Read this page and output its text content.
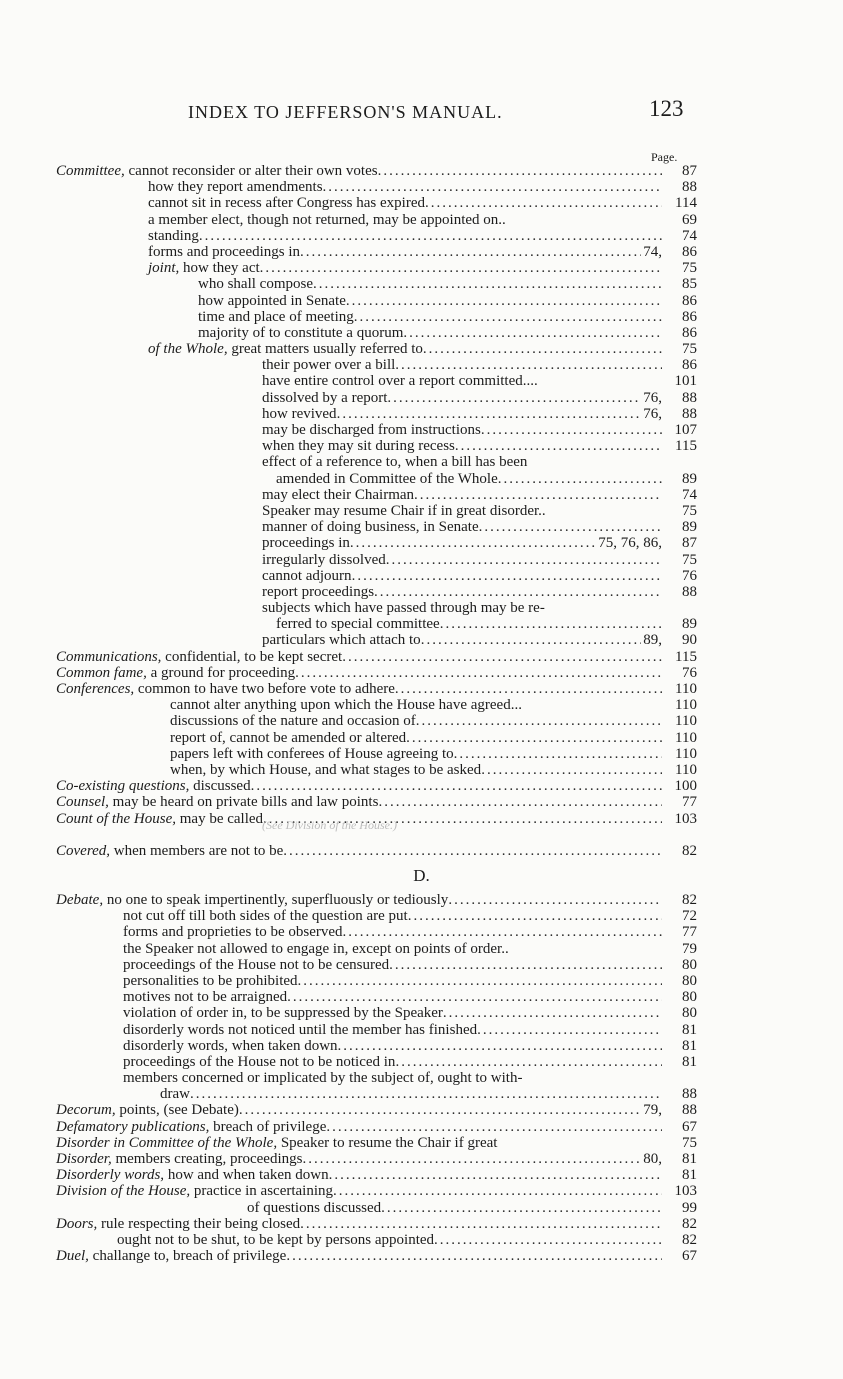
INDEX TO JEFFERSON'S MANUAL.	123
Page.
Committee, cannot reconsider or alter their own votes .....	87
how they report amendments .....	88
cannot sit in recess after Congress has expired .....	114
a member elect, though not returned, may be appointed on..	69
standing .....	74
forms and proceedings in .....	74, 86
joint, how they act .....	75
who shall compose .....	85
how appointed in Senate .....	86
time and place of meeting .....	86
majority of to constitute a quorum .....	86
of the Whole, great matters usually referred to .....	75
their power over a bill .....	86
have entire control over a report committed....	101
dissolved by a report .....	76, 88
how revived .....	76, 88
may be discharged from instructions .....	107
when they may sit during recess .....	115
effect of a reference to, when a bill has been
amended in Committee of the Whole .....	89
may elect their Chairman .....	74
Speaker may resume Chair if in great disorder..	75
manner of doing business, in Senate .....	89
proceedings in .....	75, 76, 86, 87
irregularly dissolved .....	75
cannot adjourn .....	76
report proceedings .....	88
subjects which have passed through may be re-
ferred to special committee .....	89
particulars which attach to .....	89, 90
Communications, confidential, to be kept secret .....	115
Common fame, a ground for proceeding .....	76
Conferences, common to have two before vote to adhere .....	110
cannot alter anything upon which the House have agreed...	110
discussions of the nature and occasion of .....	110
report of, cannot be amended or altered .....	110
papers left with conferees of House agreeing to .....	110
when, by which House, and what stages to be asked .....	110
Co-existing questions, discussed .....	100
Counsel, may be heard on private bills and law points .....	77
Count of the House, may be called .....	103
Covered, when members are not to be .....	82
D.
(See Division of the House.)
Debate, no one to speak impertinently, superfluously or tediously .....	82
not cut off till both sides of the question are put .....	72
forms and proprieties to be observed .....	77
the Speaker not allowed to engage in, except on points of order..	79
proceedings of the House not to be censured .....	80
personalities to be prohibited .....	80
motives not to be arraigned .....	80
violation of order in, to be suppressed by the Speaker .....	80
disorderly words not noticed until the member has finished .....	81
disorderly words, when taken down .....	81
proceedings of the House not to be noticed in .....	81
members concerned or implicated by the subject of, ought to with-
draw .....	88
Decorum, points, (see Debate) .....	79, 88
Defamatory publications, breach of privilege .....	67
Disorder in Committee of the Whole, Speaker to resume the Chair if great	75
Disorder, members creating, proceedings .....	80, 81
Disorderly words, how and when taken down .....	81
Division of the House, practice in ascertaining .....	103
of questions discussed .....	99
Doors, rule respecting their being closed .....	82
ought not to be shut, to be kept by persons appointed .....	82
Duel, challange to, breach of privilege .....	67
